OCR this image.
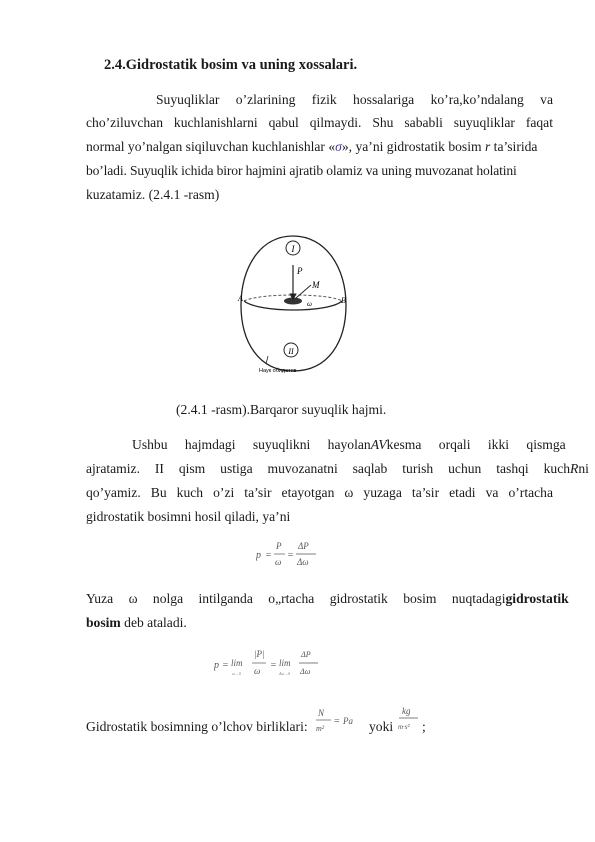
2.4.Gidrostatik bosim va uning xossalari.
Suyuqliklar o’zlarining fizik hossalariga ko’ra,ko’ndalang va
cho’ziluvchan kuchlanishlarni qabul qilmaydi. Shu sababli suyuqliklar faqat
normal yo’nalgan siqiluvchan kuchlanishlar «σ», ya’ni gidrostatik bosim r ta’sirida
bo’ladi. Suyuqlik ichida biror hajmini ajratib olamiz va uning muvozanat holatini
kuzatamiz. (2.4.1 -rasm)
I
II
P
M
A	B
ω
Наук обидатив
(2.4.1 -rasm).Barqaror suyuqlik hajmi.
Ushbu hajmdagi suyuqlikni hayolan AV kesma orqali ikki qismga
ajratamiz. II qism ustiga muvozanatni saqlab turish uchun tashqi kuch R ni
qo’yamiz. Bu kuch o’zi ta’sir etayotgan ω yuzaga ta’sir etadi va o’rtacha
gidrostatik bosimni hosil qiladi, ya’ni
p =
P
ω
=
ΔP
Δω
Yuza ω nolga intilganda o„rtacha gidrostatik bosim nuqtadagi gidrostatik
bosim deb ataladi.
p = lim
ω→0
|P|
ω = lim
Δω→0
ΔP
Δω
Gidrostatik bosimning o’lchov birliklari:
N
m²
= Pa yoki
kg
m·s² ;
